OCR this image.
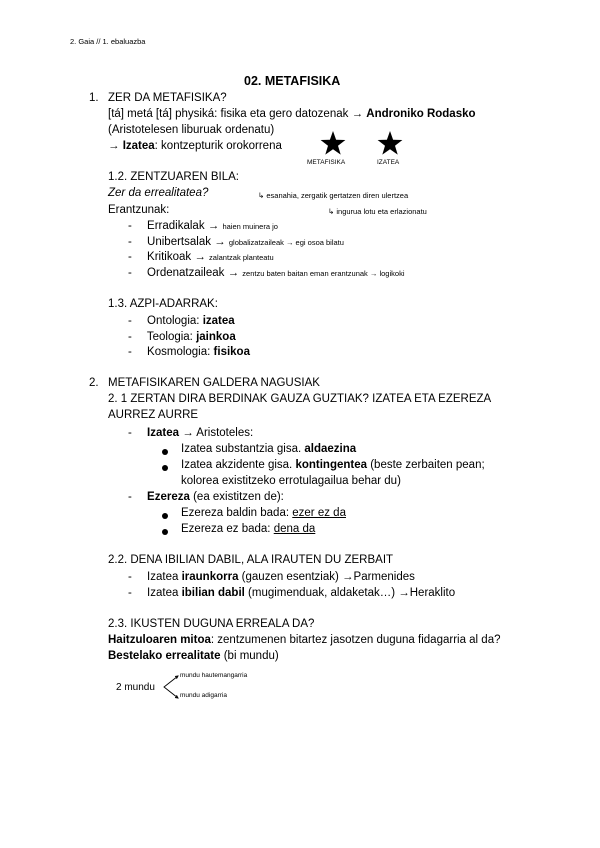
2. Gaia // 1. ebaluazba
02. METAFISIKA
1. ZER DA METAFISIKA?
[tá] metá [tá] physiká: fisika eta gero datozenak → Androniko Rodasko
(Aristotelesen liburuak ordenatu)
→ Izatea: kontzepturik orokorrena
METAFISIKA	IZATEA
1.2. ZENTZUAREN BILA:
Zer da errealitatea?	↳ esanahia, zergatik gertatzen diren ulertzea
Erantzunak:	↳ ingurua lotu eta erlazionatu
- Erradikalak → haien muinera jo
- Unibertsalak → globalizatzaileak → egi osoa bilatu
- Kritikoak → zalantzak planteatu
- Ordenatzaileak → zentzu baten baitan eman erantzunak → logikoki
1.3. AZPI-ADARRAK:
- Ontologia: izatea
- Teologia: jainkoa
- Kosmologia: fisikoa
2. METAFISIKAREN GALDERA NAGUSIAK
2. 1 ZERTAN DIRA BERDINAK GAUZA GUZTIAK? IZATEA ETA EZEREZA
AURREZ AURRE
- Izatea → Aristoteles:
Izatea substantzia gisa. aldaezina
Izatea akzidente gisa. kontingentea (beste zerbaiten pean;
kolorea existitzeko errotulagailua behar du)
- Ezereza (ea existitzen de):
Ezereza baldin bada: ezer ez da
Ezereza ez bada: dena da
2.2. DENA IBILIAN DABIL, ALA IRAUTEN DU ZERBAIT
- Izatea iraunkorra (gauzen esentziak) →Parmenides
- Izatea ibilian dabil (mugimenduak, aldaketak…) →Heraklito
2.3. IKUSTEN DUGUNA ERREALA DA?
Haitzuloaren mitoa: zentzumenen bitartez jasotzen duguna fidagarria al da?
Bestelako errealitate (bi mundu)
2 mundu
mundu hautemangarria
mundu adigarria
